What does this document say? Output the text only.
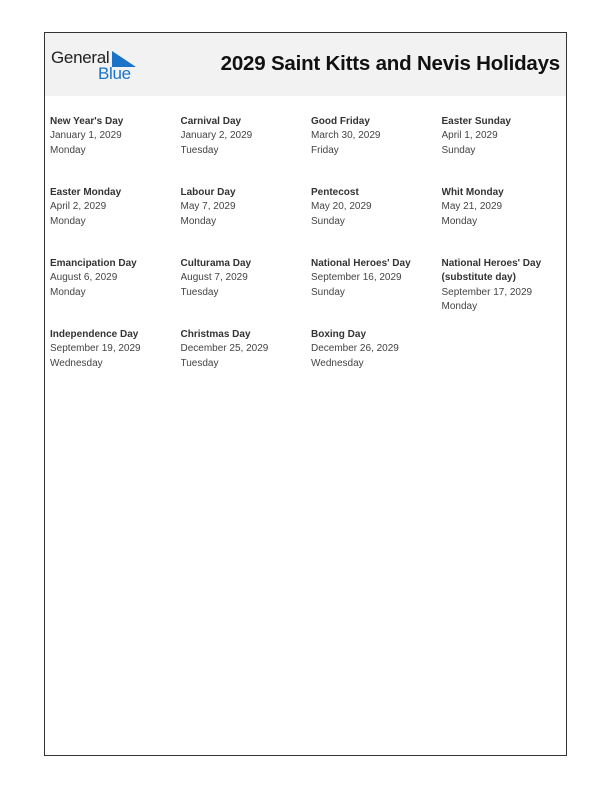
General
Blue	2029 Saint Kitts and Nevis Holidays
New Year's Day
January 1, 2029
Monday
Carnival Day
January 2, 2029
Tuesday
Good Friday
March 30, 2029
Friday
Easter Sunday
April 1, 2029
Sunday
Easter Monday
April 2, 2029
Monday
Labour Day
May 7, 2029
Monday
Pentecost
May 20, 2029
Sunday
Whit Monday
May 21, 2029
Monday
Emancipation Day
August 6, 2029
Monday
Culturama Day
August 7, 2029
Tuesday
National Heroes' Day
September 16, 2029
Sunday
National Heroes' Day (substitute day)
September 17, 2029
Monday
Independence Day
September 19, 2029
Wednesday
Christmas Day
December 25, 2029
Tuesday
Boxing Day
December 26, 2029
Wednesday
